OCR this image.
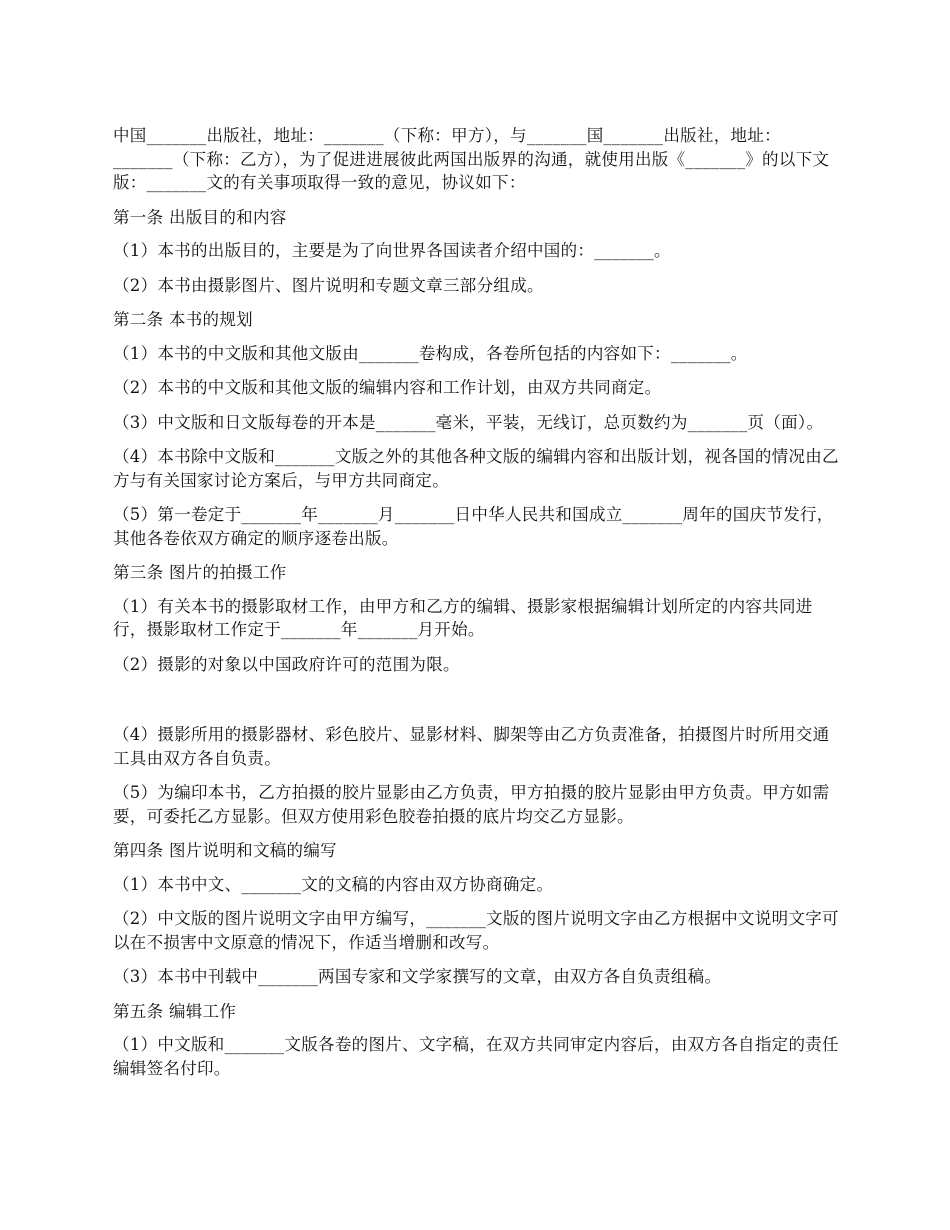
中国_______出版社，地址：_______（下称：甲方），与_______国_______出版社，地址：_______（下称：乙方），为了促进进展彼此两国出版界的沟通，就使用出版《_______》的以下文版：_______文的有关事项取得一致的意见，协议如下：

第一条 出版目的和内容

（1）本书的出版目的，主要是为了向世界各国读者介绍中国的：_______。

（2）本书由摄影图片、图片说明和专题文章三部分组成。

第二条 本书的规划

（1）本书的中文版和其他文版由_______卷构成，各卷所包括的内容如下：_______。

（2）本书的中文版和其他文版的编辑内容和工作计划，由双方共同商定。

（3）中文版和日文版每卷的开本是_______毫米，平装，无线订，总页数约为_______页（面）。

（4）本书除中文版和_______文版之外的其他各种文版的编辑内容和出版计划，视各国的情况由乙方与有关国家讨论方案后，与甲方共同商定。

（5）第一卷定于_______年_______月_______日中华人民共和国成立_______周年的国庆节发行，其他各卷依双方确定的顺序逐卷出版。

第三条 图片的拍摄工作

（1）有关本书的摄影取材工作，由甲方和乙方的编辑、摄影家根据编辑计划所定的内容共同进行，摄影取材工作定于_______年_______月开始。

（2）摄影的对象以中国政府许可的范围为限。

（4）摄影所用的摄影器材、彩色胶片、显影材料、脚架等由乙方负责准备，拍摄图片时所用交通工具由双方各自负责。

（5）为编印本书，乙方拍摄的胶片显影由乙方负责，甲方拍摄的胶片显影由甲方负责。甲方如需要，可委托乙方显影。但双方使用彩色胶卷拍摄的底片均交乙方显影。

第四条 图片说明和文稿的编写

（1）本书中文、_______文的文稿的内容由双方协商确定。

（2）中文版的图片说明文字由甲方编写，_______文版的图片说明文字由乙方根据中文说明文字可以在不损害中文原意的情况下，作适当增删和改写。

（3）本书中刊载中_______两国专家和文学家撰写的文章，由双方各自负责组稿。

第五条 编辑工作

（1）中文版和_______文版各卷的图片、文字稿，在双方共同审定内容后，由双方各自指定的责任编辑签名付印。
